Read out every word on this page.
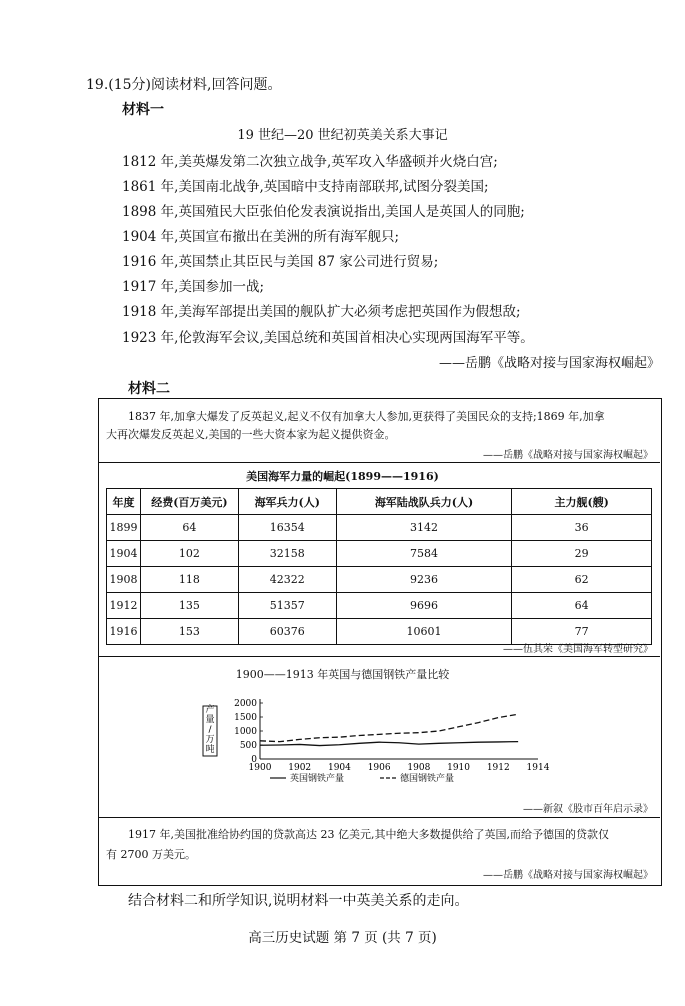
19.(15分)阅读材料,回答问题。
材料一
19 世纪—20 世纪初英美关系大事记
1812 年,美英爆发第二次独立战争,英军攻入华盛顿并火烧白宫;
1861 年,美国南北战争,英国暗中支持南部联邦,试图分裂美国;
1898 年,英国殖民大臣张伯伦发表演说指出,美国人是英国人的同胞;
1904 年,英国宣布撤出在美洲的所有海军舰只;
1916 年,英国禁止其臣民与美国 87 家公司进行贸易;
1917 年,美国参加一战;
1918 年,美海军部提出美国的舰队扩大必须考虑把英国作为假想敌;
1923 年,伦敦海军会议,美国总统和英国首相决心实现两国海军平等。
——岳鹏《战略对接与国家海权崛起》
材料二
1837 年,加拿大爆发了反英起义,起义不仅有加拿大人参加,更获得了美国民众的支持;1869 年,加拿
大再次爆发反英起义,美国的一些大资本家为起义提供资金。
——岳鹏《战略对接与国家海权崛起》
美国海军力量的崛起(1899——1916)
年度	经费(百万美元)	海军兵力(人)	海军陆战队兵力(人)	主力舰(艘)
1899	64	16354	3142	36
1904	102	32158	7584	29
1908	118	42322	9236	62
1912	135	51357	9696	64
1916	153	60376	10601	77
——伍其荣《美国海军转型研究》
1900——1913 年英国与德国钢铁产量比较
产量/万吨
0
500
1000
1500
2000
1900 1902 1904 1906 1908 1910 1912 1914
英国钢铁产量	德国钢铁产量
——新叙《股市百年启示录》
1917 年,美国批准给协约国的贷款高达 23 亿美元,其中绝大多数提供给了英国,而给予德国的贷款仅
有 2700 万美元。
——岳鹏《战略对接与国家海权崛起》
结合材料二和所学知识,说明材料一中英美关系的走向。
高三历史试题 第 7 页 (共 7 页)
